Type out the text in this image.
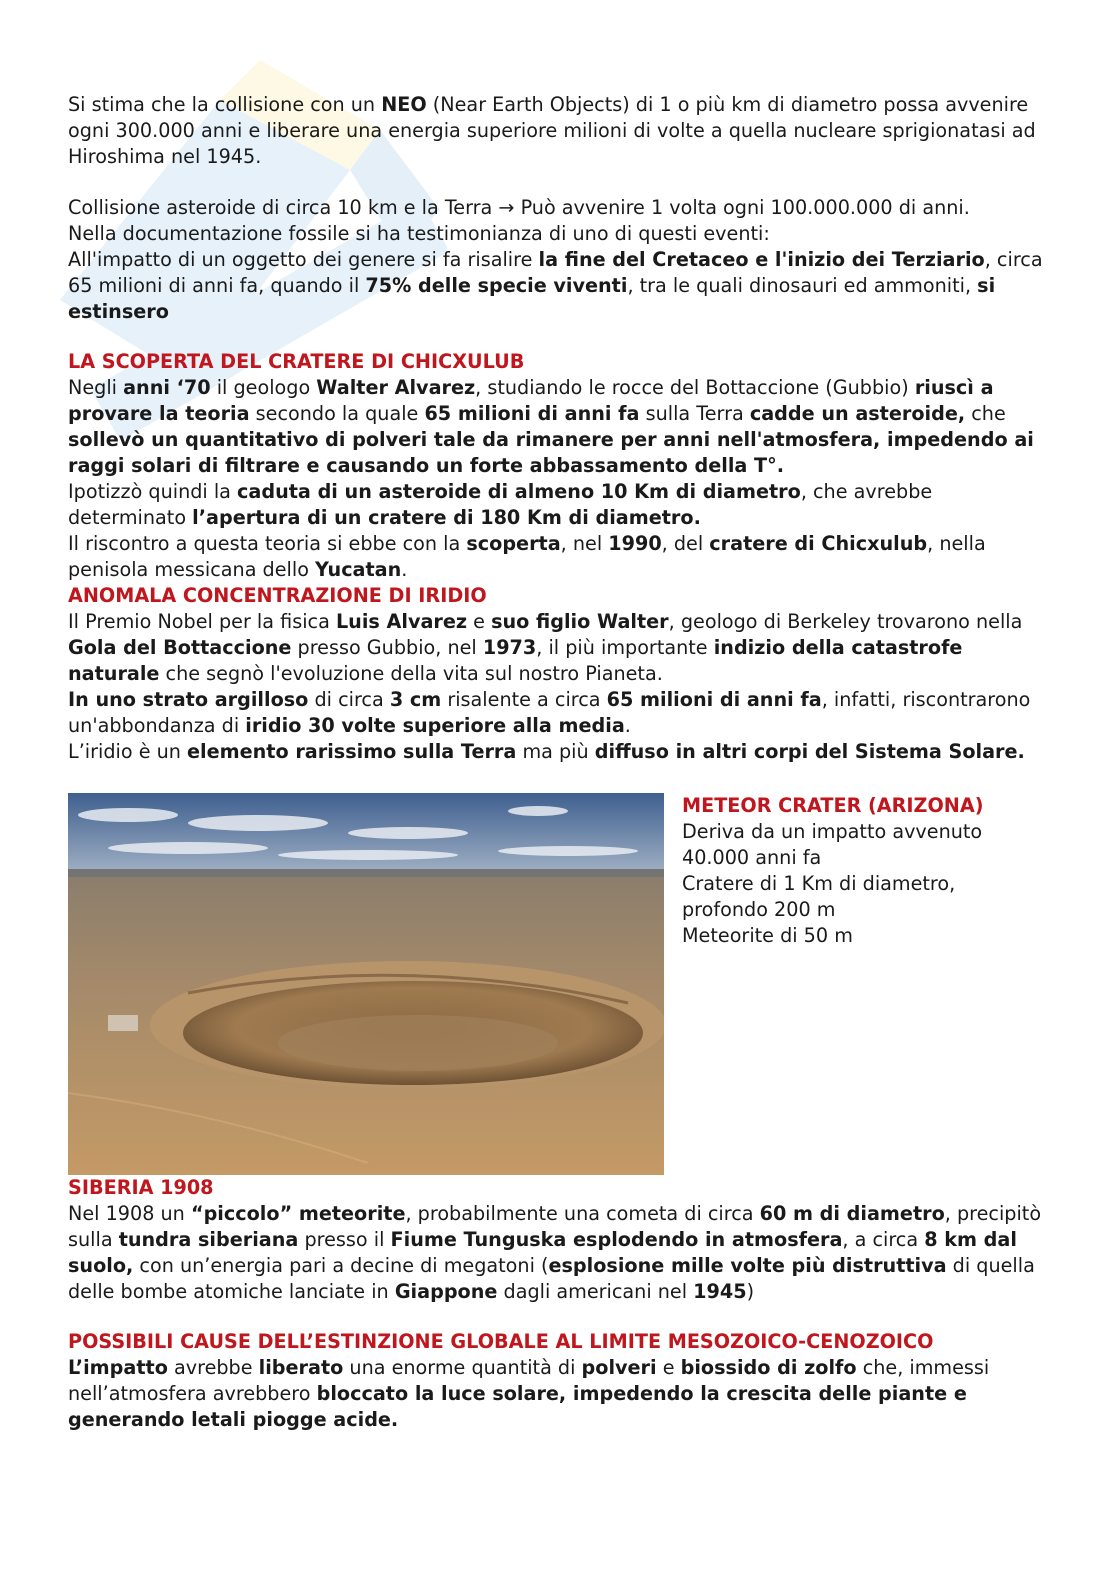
Si stima che la collisione con un NEO (Near Earth Objects) di 1 o più km di diametro possa avvenire ogni 300.000 anni e liberare una energia superiore milioni di volte a quella nucleare sprigionatasi ad Hiroshima nel 1945.

Collisione asteroide di circa 10 km e la Terra → Può avvenire 1 volta ogni 100.000.000 di anni.

Nella documentazione fossile si ha testimonianza di uno di questi eventi:

All'impatto di un oggetto dei genere si fa risalire la fine del Cretaceo e l'inizio dei Terziario, circa 65 milioni di anni fa, quando il 75% delle specie viventi, tra le quali dinosauri ed ammoniti, si estinsero

LA SCOPERTA DEL CRATERE DI CHICXULUB

Negli anni ‘70 il geologo Walter Alvarez, studiando le rocce del Bottaccione (Gubbio) riuscì a provare la teoria secondo la quale 65 milioni di anni fa sulla Terra cadde un asteroide, che sollevò un quantitativo di polveri tale da rimanere per anni nell'atmosfera, impedendo ai raggi solari di filtrare e causando un forte abbassamento della T°.

Ipotizzò quindi la caduta di un asteroide di almeno 10 Km di diametro, che avrebbe determinato l’apertura di un cratere di 180 Km di diametro.

Il riscontro a questa teoria si ebbe con la scoperta, nel 1990, del cratere di Chicxulub, nella penisola messicana dello Yucatan.

ANOMALA CONCENTRAZIONE DI IRIDIO

Il Premio Nobel per la fisica Luis Alvarez e suo figlio Walter, geologo di Berkeley trovarono nella Gola del Bottaccione presso Gubbio, nel 1973, il più importante indizio della catastrofe naturale che segnò l'evoluzione della vita sul nostro Pianeta.

In uno strato argilloso di circa 3 cm risalente a circa 65 milioni di anni fa, infatti, riscontrarono un'abbondanza di iridio 30 volte superiore alla media.

L’iridio è un elemento rarissimo sulla Terra ma più diffuso in altri corpi del Sistema Solare.

METEOR CRATER (ARIZONA)

Deriva da un impatto avvenuto

40.000 anni fa

Cratere di 1 Km di diametro,

profondo 200 m

Meteorite di 50 m

SIBERIA 1908

Nel 1908 un “piccolo” meteorite, probabilmente una cometa di circa 60 m di diametro, precipitò sulla tundra siberiana presso il Fiume Tunguska esplodendo in atmosfera, a circa 8 km dal suolo, con un’energia pari a decine di megatoni (esplosione mille volte più distruttiva di quella delle bombe atomiche lanciate in Giappone dagli americani nel 1945)

POSSIBILI CAUSE DELL’ESTINZIONE GLOBALE AL LIMITE MESOZOICO-CENOZOICO

L’impatto avrebbe liberato una enorme quantità di polveri e biossido di zolfo che, immessi nell’atmosfera avrebbero bloccato la luce solare, impedendo la crescita delle piante e generando letali piogge acide.
